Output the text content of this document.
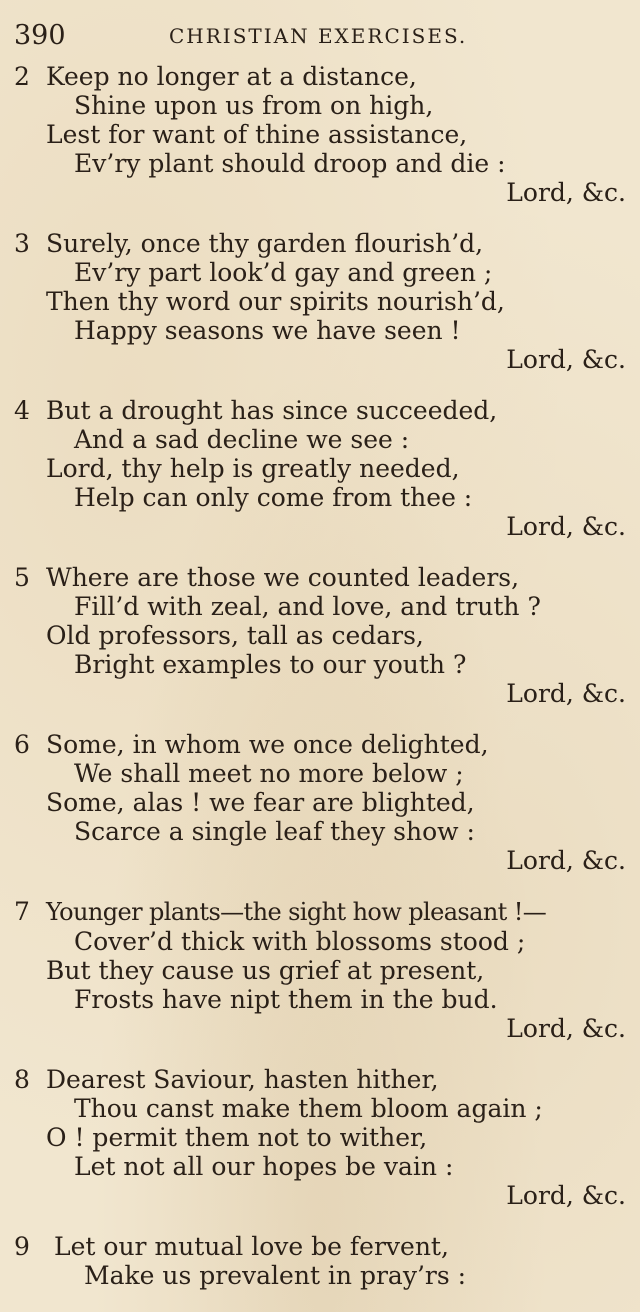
390	CHRISTIAN EXERCISES.
2 Keep no longer at a distance,
Shine upon us from on high,
Lest for want of thine assistance,
Ev’ry plant should droop and die :
Lord, &c.
3 Surely, once thy garden flourish’d,
Ev’ry part look’d gay and green ;
Then thy word our spirits nourish’d,
Happy seasons we have seen !
Lord, &c.
4 But a drought has since succeeded,
And a sad decline we see :
Lord, thy help is greatly needed,
Help can only come from thee :
Lord, &c.
5 Where are those we counted leaders,
Fill’d with zeal, and love, and truth ?
Old professors, tall as cedars,
Bright examples to our youth ?
Lord, &c.
6 Some, in whom we once delighted,
We shall meet no more below ;
Some, alas ! we fear are blighted,
Scarce a single leaf they show :
Lord, &c.
7 Younger plants—the sight how pleasant !—
Cover’d thick with blossoms stood ;
But they cause us grief at present,
Frosts have nipt them in the bud.
Lord, &c.
8 Dearest Saviour, hasten hither,
Thou canst make them bloom again ;
O ! permit them not to wither,
Let not all our hopes be vain :
Lord, &c.
9 Let our mutual love be fervent,
Make us prevalent in pray’rs :
